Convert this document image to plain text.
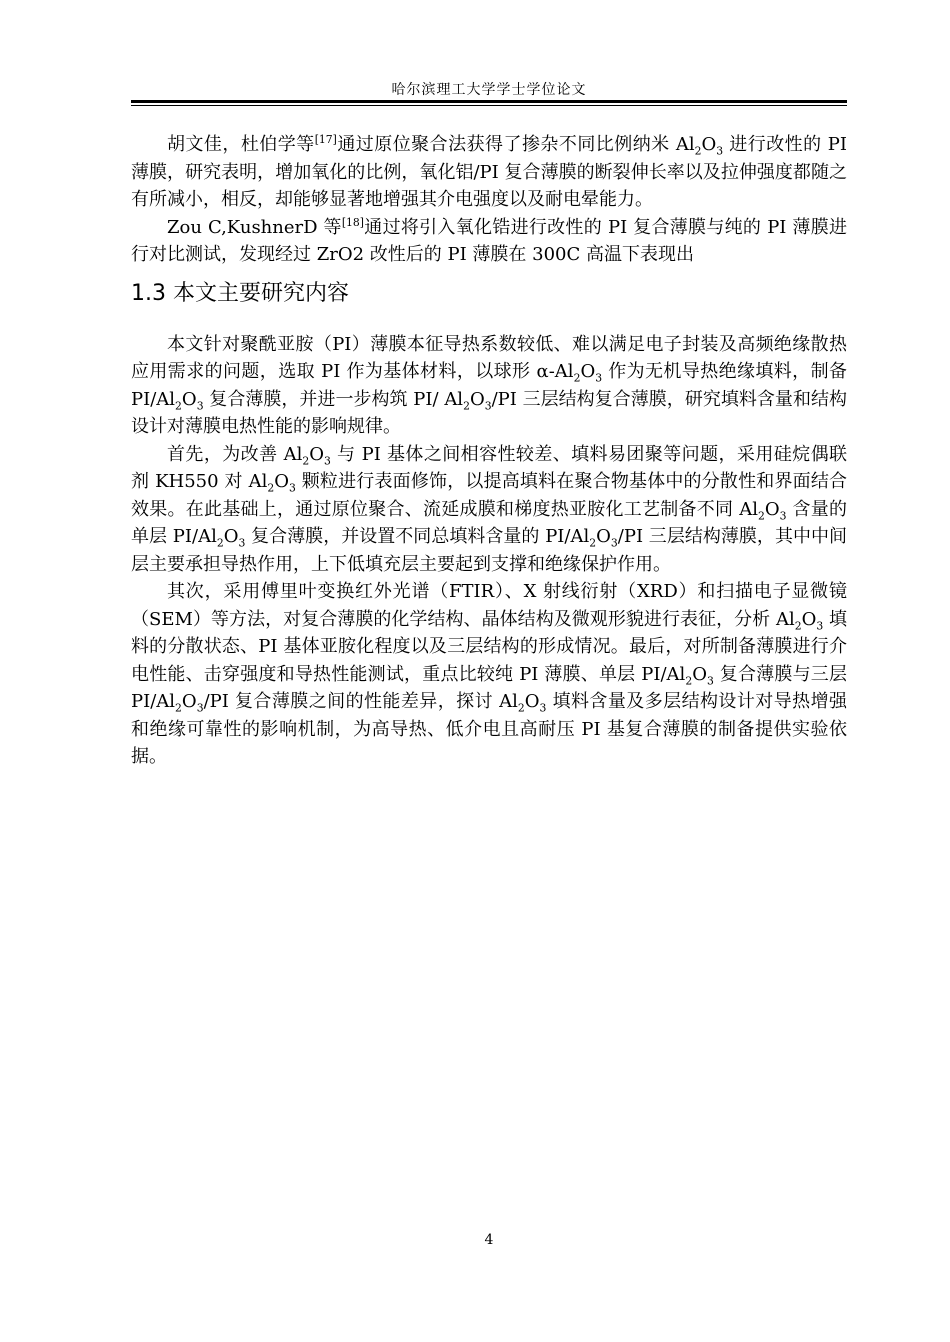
哈尔滨理工大学学士学位论文

胡文佳，杜伯学等[17]通过原位聚合法获得了掺杂不同比例纳米 $Al_2O_3$ 进行改性的 PI 薄膜，研究表明，增加氧化的比例，氧化铝/PI 复合薄膜的断裂伸长率以及拉伸强度都随之有所减小，相反，却能够显著地增强其介电强度以及耐电晕能力。

Zou C,KushnerD 等[18]通过将引入氧化锆进行改性的 PI 复合薄膜与纯的 PI 薄膜进行对比测试，发现经过 ZrO2 改性后的 PI 薄膜在 300C 高温下表现出

1.3 本文主要研究内容

本文针对聚酰亚胺（PI）薄膜本征导热系数较低、难以满足电子封装及高频绝缘散热应用需求的问题，选取 PI 作为基体材料，以球形 $\alpha-Al_2O_3$ 作为无机导热绝缘填料，制备 $PI/Al_2O_3$ 复合薄膜，并进一步构筑 PI/ $Al_2O_3/PI$ 三层结构复合薄膜，研究填料含量和结构设计对薄膜电热性能的影响规律。

首先，为改善 $Al_2O_3$ 与 PI 基体之间相容性较差、填料易团聚等问题，采用硅烷偶联剂 KH550 对 $Al_2O_3$ 颗粒进行表面修饰，以提高填料在聚合物基体中的分散性和界面结合效果。在此基础上，通过原位聚合、流延成膜和梯度热亚胺化工艺制备不同 $Al_2O_3$ 含量的单层 $PI/Al_2O_3$ 复合薄膜，并设置不同总填料含量的 $PI/Al_2O_3/PI$ 三层结构薄膜，其中中间层主要承担导热作用，上下低填充层主要起到支撑和绝缘保护作用。

其次，采用傅里叶变换红外光谱（FTIR）、X 射线衍射（XRD）和扫描电子显微镜（SEM）等方法，对复合薄膜的化学结构、晶体结构及微观形貌进行表征，分析 $Al_2O_3$ 填料的分散状态、PI 基体亚胺化程度以及三层结构的形成情况。最后，对所制备薄膜进行介电性能、击穿强度和导热性能测试，重点比较纯 PI 薄膜、单层 $PI/Al_2O_3$ 复合薄膜与三层 $PI/Al_2O_3/PI$ 复合薄膜之间的性能差异，探讨 $Al_2O_3$ 填料含量及多层结构设计对导热增强和绝缘可靠性的影响机制，为高导热、低介电且高耐压 PI 基复合薄膜的制备提供实验依据。

4
